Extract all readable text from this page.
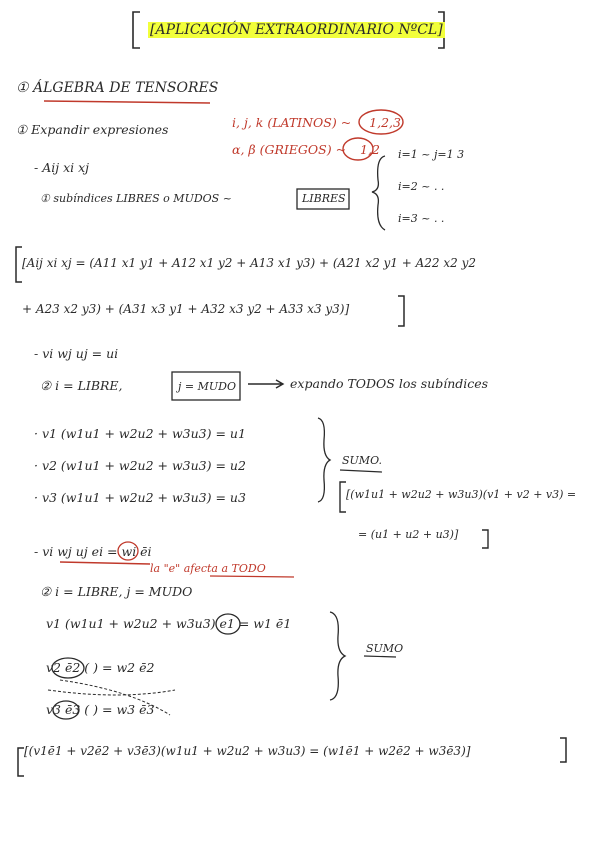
[APLICACIÓN EXTRAORDINARIO NºCL]
① ÁLGEBRA DE TENSORES
① Expandir expresiones	i, j, k (LATINOS) ~ 1,2,3
α, β (GRIEGOS) ~ 1,2
- Aij xi xj
① subíndices LIBRES o MUDOS ~	LIBRES
i=1 ~ j=1 3
i=2 ~ . .
i=3 ~ . .
[Aij xi xj = (A11 x1 y1 + A12 x1 y2 + A13 x1 y3) + (A21 x2 y1 + A22 x2 y2
+ A23 x2 y3) + (A31 x3 y1 + A32 x3 y2 + A33 x3 y3)]
- vi wj uj = ui
② i = LIBRE,	j = MUDO	expando TODOS los subíndices
· v1 (w1u1 + w2u2 + w3u3) = u1
· v2 (w1u1 + w2u2 + w3u3) = u2
· v3 (w1u1 + w2u2 + w3u3) = u3
SUMO.
[(w1u1 + w2u2 + w3u3)(v1 + v2 + v3) =
= (u1 + u2 + u3)]
- vi wj uj ei = wi ēi
la "e" afecta a TODO
② i = LIBRE, j = MUDO
v1 (w1u1 + w2u2 + w3u3) e1 = w1 ē1
v2 ē2 ( ) = w2 ē2
v3 ē3 ( ) = w3 ē3
SUMO
[(v1ē1 + v2ē2 + v3ē3)(w1u1 + w2u2 + w3u3) = (w1ē1 + w2ē2 + w3ē3)]
